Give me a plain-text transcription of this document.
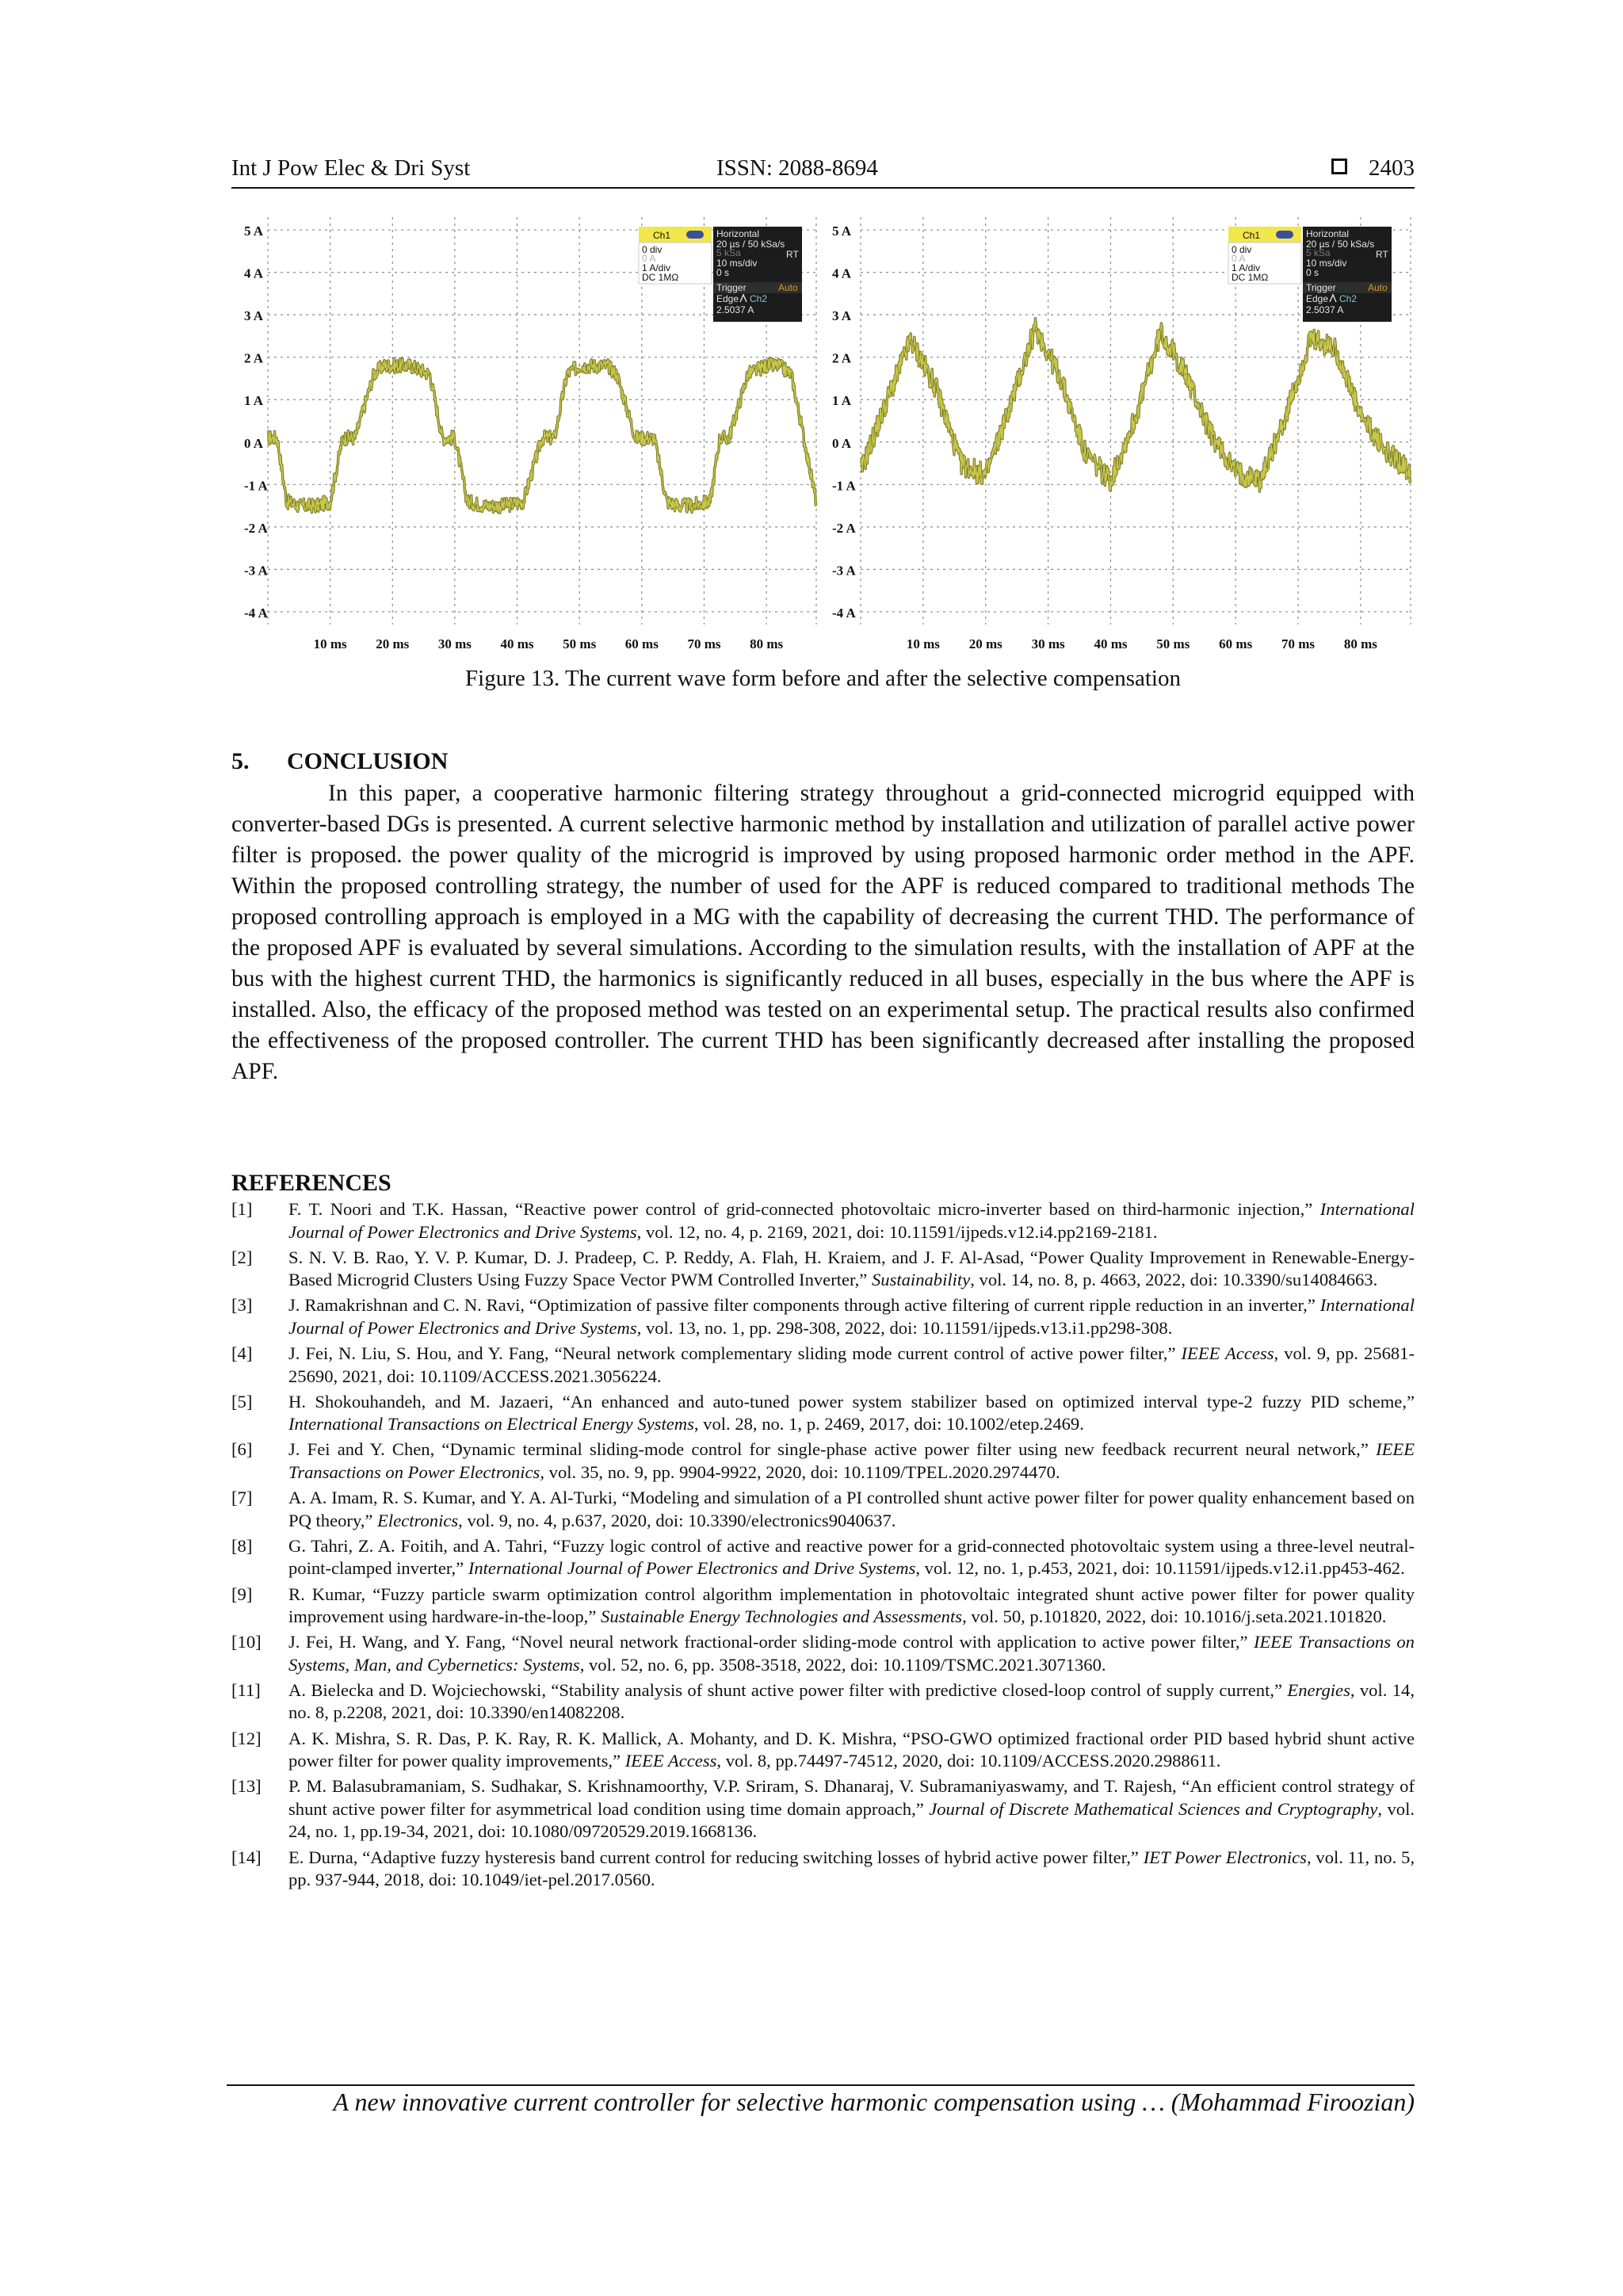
Int J Pow Elec & Dri Syst	ISSN: 2088-8694	2403
5 A
4 A
3 A
2 A
1 A
0 A
-1 A
-2 A
-3 A
-4 A
10 ms 20 ms 30 ms 40 ms 50 ms 60 ms 70 ms 80 ms
Ch1
0 div
0 A
1 A/div
DC 1MΩ
Horizontal
20 µs / 50 kSa/s
5 kSa	RT
10 ms/div
0 s
Trigger	Auto
Edge Ch2
2.5037 A
5 A
4 A
3 A
2 A
1 A
0 A
-1 A
-2 A
-3 A
-4 A
10 ms 20 ms 30 ms 40 ms 50 ms 60 ms 70 ms 80 ms
Ch1
0 div
0 A
1 A/div
DC 1MΩ
Horizontal
20 µs / 50 kSa/s
5 kSa	RT
10 ms/div
0 s
Trigger	Auto
Edge Ch2
2.5037 A
Figure 13. The current wave form before and after the selective compensation
5. CONCLUSION
In this paper, a cooperative harmonic filtering strategy throughout a grid-connected microgrid equipped with converter-based DGs is presented. A current selective harmonic method by installation and utilization of parallel active power filter is proposed. the power quality of the microgrid is improved by using proposed harmonic order method in the APF. Within the proposed controlling strategy, the number of used for the APF is reduced compared to traditional methods The proposed controlling approach is employed in a MG with the capability of decreasing the current THD. The performance of the proposed APF is evaluated by several simulations. According to the simulation results, with the installation of APF at the bus with the highest current THD, the harmonics is significantly reduced in all buses, especially in the bus where the APF is installed. Also, the efficacy of the proposed method was tested on an experimental setup. The practical results also confirmed the effectiveness of the proposed controller. The current THD has been significantly decreased after installing the proposed APF.
REFERENCES
[1] F. T. Noori and T.K. Hassan, “Reactive power control of grid-connected photovoltaic micro-inverter based on third-harmonic injection,” International Journal of Power Electronics and Drive Systems, vol. 12, no. 4, p. 2169, 2021, doi: 10.11591/ijpeds.v12.i4.pp2169-2181.
[2] S. N. V. B. Rao, Y. V. P. Kumar, D. J. Pradeep, C. P. Reddy, A. Flah, H. Kraiem, and J. F. Al-Asad, “Power Quality Improvement in Renewable-Energy-Based Microgrid Clusters Using Fuzzy Space Vector PWM Controlled Inverter,” Sustainability, vol. 14, no. 8, p. 4663, 2022, doi: 10.3390/su14084663.
[3] J. Ramakrishnan and C. N. Ravi, “Optimization of passive filter components through active filtering of current ripple reduction in an inverter,” International Journal of Power Electronics and Drive Systems, vol. 13, no. 1, pp. 298-308, 2022, doi: 10.11591/ijpeds.v13.i1.pp298-308.
[4] J. Fei, N. Liu, S. Hou, and Y. Fang, “Neural network complementary sliding mode current control of active power filter,” IEEE Access, vol. 9, pp. 25681-25690, 2021, doi: 10.1109/ACCESS.2021.3056224.
[5] H. Shokouhandeh, and M. Jazaeri, “An enhanced and auto-tuned power system stabilizer based on optimized interval type-2 fuzzy PID scheme,” International Transactions on Electrical Energy Systems, vol. 28, no. 1, p. 2469, 2017, doi: 10.1002/etep.2469.
[6] J. Fei and Y. Chen, “Dynamic terminal sliding-mode control for single-phase active power filter using new feedback recurrent neural network,” IEEE Transactions on Power Electronics, vol. 35, no. 9, pp. 9904-9922, 2020, doi: 10.1109/TPEL.2020.2974470.
[7] A. A. Imam, R. S. Kumar, and Y. A. Al-Turki, “Modeling and simulation of a PI controlled shunt active power filter for power quality enhancement based on PQ theory,” Electronics, vol. 9, no. 4, p.637, 2020, doi: 10.3390/electronics9040637.
[8] G. Tahri, Z. A. Foitih, and A. Tahri, “Fuzzy logic control of active and reactive power for a grid-connected photovoltaic system using a three-level neutral-point-clamped inverter,” International Journal of Power Electronics and Drive Systems, vol. 12, no. 1, p.453, 2021, doi: 10.11591/ijpeds.v12.i1.pp453-462.
[9] R. Kumar, “Fuzzy particle swarm optimization control algorithm implementation in photovoltaic integrated shunt active power filter for power quality improvement using hardware-in-the-loop,” Sustainable Energy Technologies and Assessments, vol. 50, p.101820, 2022, doi: 10.1016/j.seta.2021.101820.
[10] J. Fei, H. Wang, and Y. Fang, “Novel neural network fractional-order sliding-mode control with application to active power filter,” IEEE Transactions on Systems, Man, and Cybernetics: Systems, vol. 52, no. 6, pp. 3508-3518, 2022, doi: 10.1109/TSMC.2021.3071360.
[11] A. Bielecka and D. Wojciechowski, “Stability analysis of shunt active power filter with predictive closed-loop control of supply current,” Energies, vol. 14, no. 8, p.2208, 2021, doi: 10.3390/en14082208.
[12] A. K. Mishra, S. R. Das, P. K. Ray, R. K. Mallick, A. Mohanty, and D. K. Mishra, “PSO-GWO optimized fractional order PID based hybrid shunt active power filter for power quality improvements,” IEEE Access, vol. 8, pp.74497-74512, 2020, doi: 10.1109/ACCESS.2020.2988611.
[13] P. M. Balasubramaniam, S. Sudhakar, S. Krishnamoorthy, V.P. Sriram, S. Dhanaraj, V. Subramaniyaswamy, and T. Rajesh, “An efficient control strategy of shunt active power filter for asymmetrical load condition using time domain approach,” Journal of Discrete Mathematical Sciences and Cryptography, vol. 24, no. 1, pp.19-34, 2021, doi: 10.1080/09720529.2019.1668136.
[14] E. Durna, “Adaptive fuzzy hysteresis band current control for reducing switching losses of hybrid active power filter,” IET Power Electronics, vol. 11, no. 5, pp. 937-944, 2018, doi: 10.1049/iet-pel.2017.0560.
A new innovative current controller for selective harmonic compensation using … (Mohammad Firoozian)
